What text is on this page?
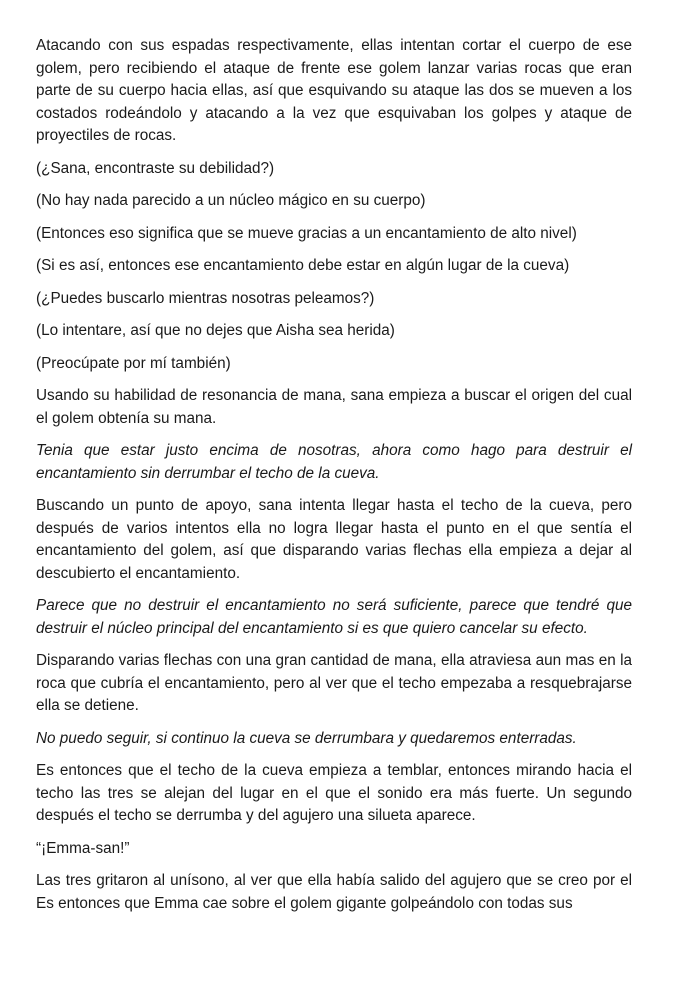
Atacando con sus espadas respectivamente, ellas intentan cortar el cuerpo de ese golem, pero recibiendo el ataque de frente ese golem lanzar varias rocas que eran parte de su cuerpo hacia ellas, así que esquivando su ataque las dos se mueven a los costados rodeándolo y atacando a la vez que esquivaban los golpes y ataque de proyectiles de rocas.

(¿Sana, encontraste su debilidad?)

(No hay nada parecido a un núcleo mágico en su cuerpo)

(Entonces eso significa que se mueve gracias a un encantamiento de alto nivel)

(Si es así, entonces ese encantamiento debe estar en algún lugar de la cueva)

(¿Puedes buscarlo mientras nosotras peleamos?)

(Lo intentare, así que no dejes que Aisha sea herida)

(Preocúpate por mí también)

Usando su habilidad de resonancia de mana, sana empieza a buscar el origen del cual el golem obtenía su mana.

Tenia que estar justo encima de nosotras, ahora como hago para destruir el encantamiento sin derrumbar el techo de la cueva.

Buscando un punto de apoyo, sana intenta llegar hasta el techo de la cueva, pero después de varios intentos ella no logra llegar hasta el punto en el que sentía el encantamiento del golem, así que disparando varias flechas ella empieza a dejar al descubierto el encantamiento.

Parece que no destruir el encantamiento no será suficiente, parece que tendré que destruir el núcleo principal del encantamiento si es que quiero cancelar su efecto.

Disparando varias flechas con una gran cantidad de mana, ella atraviesa aun mas en la roca que cubría el encantamiento, pero al ver que el techo empezaba a resquebrajarse ella se detiene.

No puedo seguir, si continuo la cueva se derrumbara y quedaremos enterradas.

Es entonces que el techo de la cueva empieza a temblar, entonces mirando hacia el techo las tres se alejan del lugar en el que el sonido era más fuerte. Un segundo después el techo se derrumba y del agujero una silueta aparece.

“¡Emma-san!”

Las tres gritaron al unísono, al ver que ella había salido del agujero que se creo por el Es entonces que Emma cae sobre el golem gigante golpeándolo con todas sus
